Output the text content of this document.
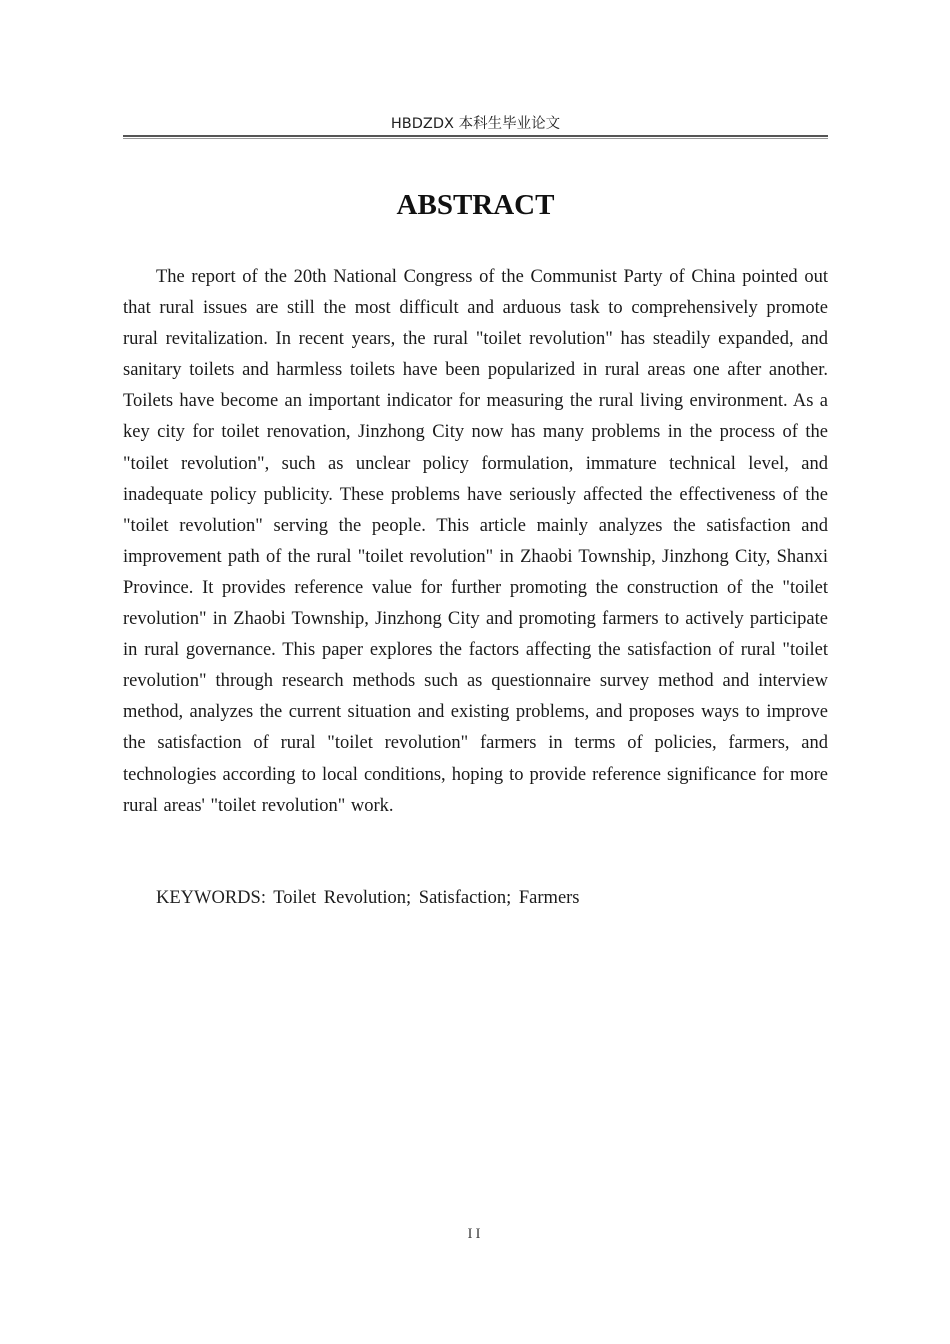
HBDZDX 本科生毕业论文
ABSTRACT

The report of the 20th National Congress of the Communist Party of China pointed out that rural issues are still the most difficult and arduous task to comprehensively promote rural revitalization. In recent years, the rural "toilet revolution" has steadily expanded, and sanitary toilets and harmless toilets have been popularized in rural areas one after another. Toilets have become an important indicator for measuring the rural living environment. As a key city for toilet renovation, Jinzhong City now has many problems in the process of the "toilet revolution", such as unclear policy formulation, immature technical level, and inadequate policy publicity. These problems have seriously affected the effectiveness of the "toilet revolution" serving the people. This article mainly analyzes the satisfaction and improvement path of the rural "toilet revolution" in Zhaobi Township, Jinzhong City, Shanxi Province. It provides reference value for further promoting the construction of the "toilet revolution" in Zhaobi Township, Jinzhong City and promoting farmers to actively participate in rural governance. This paper explores the factors affecting the satisfaction of rural "toilet revolution" through research methods such as questionnaire survey method and interview method, analyzes the current situation and existing problems, and proposes ways to improve the satisfaction of rural "toilet revolution" farmers in terms of policies, farmers, and technologies according to local conditions, hoping to provide reference significance for more rural areas' "toilet revolution" work.

KEYWORDS: Toilet Revolution; Satisfaction; Farmers

II
